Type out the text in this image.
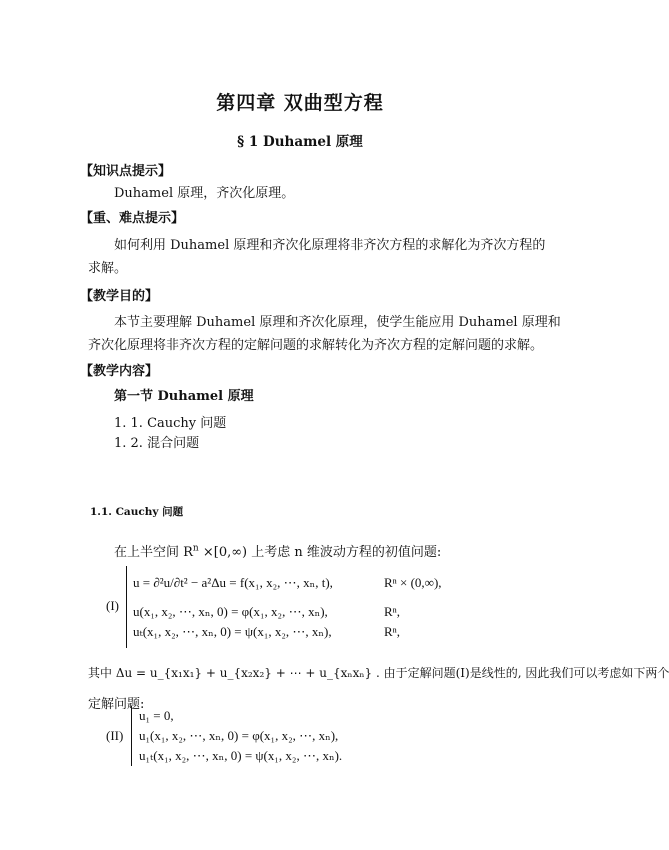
第四章 双曲型方程
§ 1 Duhamel 原理
【知识点提示】
Duhamel 原理，齐次化原理。
【重、难点提示】
如何利用 Duhamel 原理和齐次化原理将非齐次方程的求解化为齐次方程的
求解。
【教学目的】
本节主要理解 Duhamel 原理和齐次化原理，使学生能应用 Duhamel 原理和
齐次化原理将非齐次方程的定解问题的求解转化为齐次方程的定解问题的求解。
【教学内容】
第一节 Duhamel 原理
1. 1. Cauchy 问题
1. 2. 混合问题
1.1. Cauchy 问题
在上半空间 $R^n \times[0,\infty)$ 上考虑 n 维波动方程的初值问题:
(I)
u = ∂²u/∂t² − a²Δu = f(x₁, x₂, ⋯, xₙ, t),	Rⁿ × (0,∞),
u(x₁, x₂, ⋯, xₙ, 0) = φ(x₁, x₂, ⋯, xₙ),	Rⁿ,
uₜ(x₁, x₂, ⋯, xₙ, 0) = ψ(x₁, x₂, ⋯, xₙ),	Rⁿ,
其中 Δu = u_{x₁x₁} + u_{x₂x₂} + ⋯ + u_{xₙxₙ} . 由于定解问题(I)是线性的, 因此我们可以考虑如下两个
定解问题:
(II)
u₁ = 0,
u₁(x₁, x₂, ⋯, xₙ, 0) = φ(x₁, x₂, ⋯, xₙ),
u₁ₜ(x₁, x₂, ⋯, xₙ, 0) = ψ(x₁, x₂, ⋯, xₙ).
